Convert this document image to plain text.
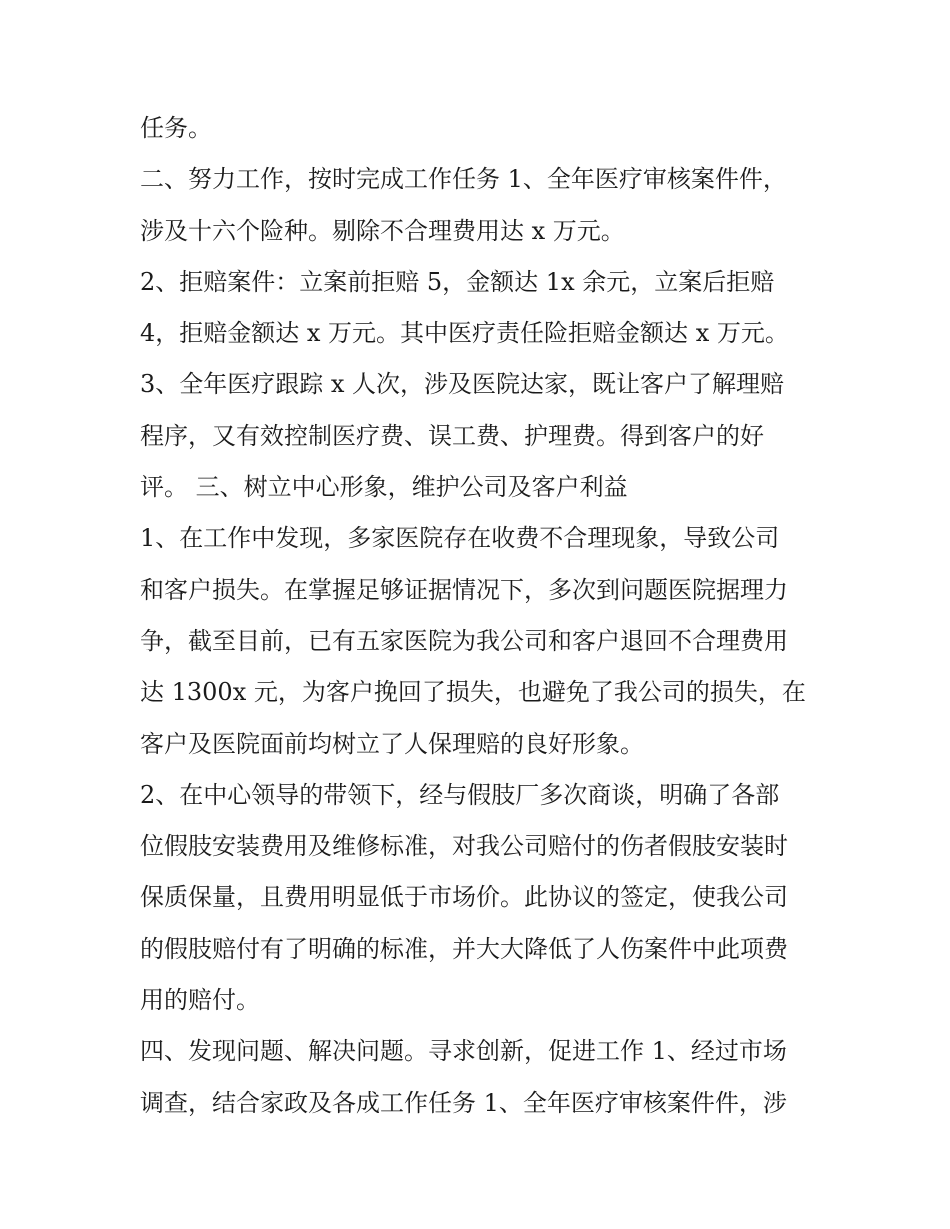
任务。
二、努力工作，按时完成工作任务 1、全年医疗审核案件件，
涉及十六个险种。剔除不合理费用达 x 万元。
2、拒赔案件：立案前拒赔 5，金额达 1x 余元，立案后拒赔
4，拒赔金额达 x 万元。其中医疗责任险拒赔金额达 x 万元。
3、全年医疗跟踪 x 人次，涉及医院达家，既让客户了解理赔
程序，又有效控制医疗费、误工费、护理费。得到客户的好
评。 三、树立中心形象，维护公司及客户利益
1、在工作中发现，多家医院存在收费不合理现象，导致公司
和客户损失。在掌握足够证据情况下，多次到问题医院据理力
争，截至目前，已有五家医院为我公司和客户退回不合理费用
达 1300x 元，为客户挽回了损失，也避免了我公司的损失，在
客户及医院面前均树立了人保理赔的良好形象。
2、在中心领导的带领下，经与假肢厂多次商谈，明确了各部
位假肢安装费用及维修标准，对我公司赔付的伤者假肢安装时
保质保量，且费用明显低于市场价。此协议的签定，使我公司
的假肢赔付有了明确的标准，并大大降低了人伤案件中此项费
用的赔付。
四、发现问题、解决问题。寻求创新，促进工作 1、经过市场
调查，结合家政及各成工作任务 1、全年医疗审核案件件，涉
